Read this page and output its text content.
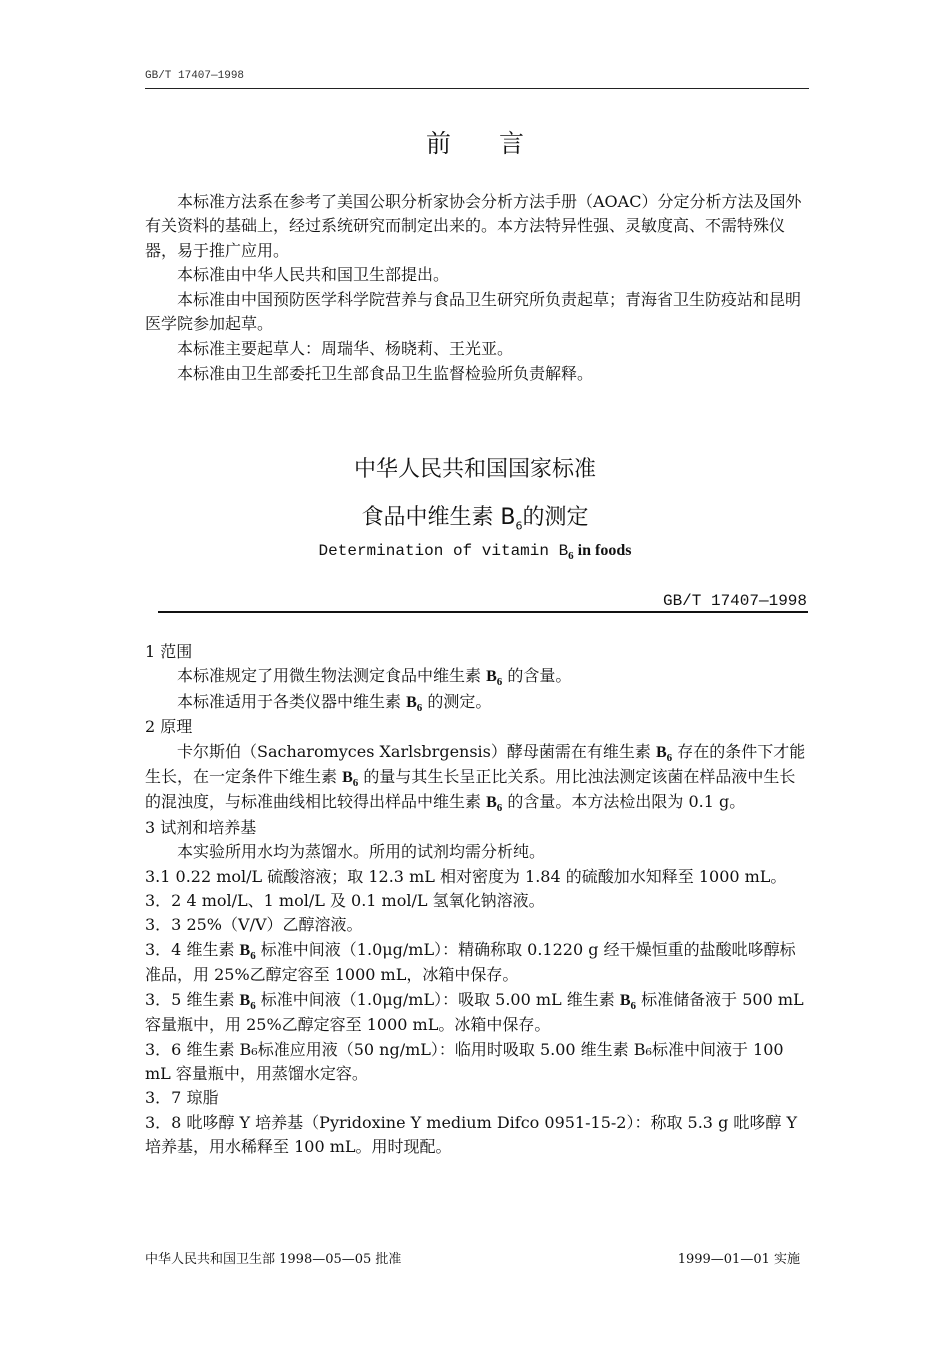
GB/T 17407—1998
前言

本标准方法系在参考了美国公职分析家协会分析方法手册（AOAC）分定分析方法及国外有关资料的基础上，经过系统研究而制定出来的。本方法特异性强、灵敏度高、不需特殊仪器，易于推广应用。

本标准由中华人民共和国卫生部提出。

本标准由中国预防医学科学院营养与食品卫生研究所负责起草；青海省卫生防疫站和昆明医学院参加起草。

本标准主要起草人：周瑞华、杨晓莉、王光亚。

本标准由卫生部委托卫生部食品卫生监督检验所负责解释。

中华人民共和国国家标准
食品中维生素 $B_6$的测定
Determination of vitamin $B_6$ in foods
GB/T 17407—1998

1 范围

本标准规定了用微生物法测定食品中维生素 $B_6$ 的含量。

本标准适用于各类仪器中维生素 $B_6$ 的测定。

2 原理

卡尔斯伯（Sacharomyces Xarlsbrgensis）酵母菌需在有维生素 $B_6$ 存在的条件下才能生长，在一定条件下维生素 $B_6$ 的量与其生长呈正比关系。用比浊法测定该菌在样品液中生长的混浊度，与标准曲线相比较得出样品中维生素 $B_6$ 的含量。本方法检出限为 0.1 g。

3 试剂和培养基

本实验所用水均为蒸馏水。所用的试剂均需分析纯。

3.1 0.22 mol/L 硫酸溶液；取 12.3 mL 相对密度为 1.84 的硫酸加水知释至 1000 mL。

3．2 4 mol/L、1 mol/L 及 0.1 mol/L 氢氧化钠溶液。

3．3 25%（V/V）乙醇溶液。

3．4 维生素 $B_6$ 标准中间液（1.0μg/mL）：精确称取 0.1220 g 经干燥恒重的盐酸吡哆醇标准品，用 25%乙醇定容至 1000 mL，冰箱中保存。

3．5 维生素 $B_6$ 标准中间液（1.0μg/mL）：吸取 5.00 mL 维生素 $B_6$ 标准储备液于 500 mL 容量瓶中，用 25%乙醇定容至 1000 mL。冰箱中保存。

3．6 维生素 B₆标准应用液（50 ng/mL）：临用时吸取 5.00 维生素 B₆标准中间液于 100 mL 容量瓶中，用蒸馏水定容。

3．7 琼脂

3．8 吡哆醇 Y 培养基（Pyridoxine Y medium Difco 0951-15-2）：称取 5.3 g 吡哆醇 Y 培养基，用水稀释至 100 mL。用时现配。

中华人民共和国卫生部 1998—05—05 批准	1999—01—01 实施
